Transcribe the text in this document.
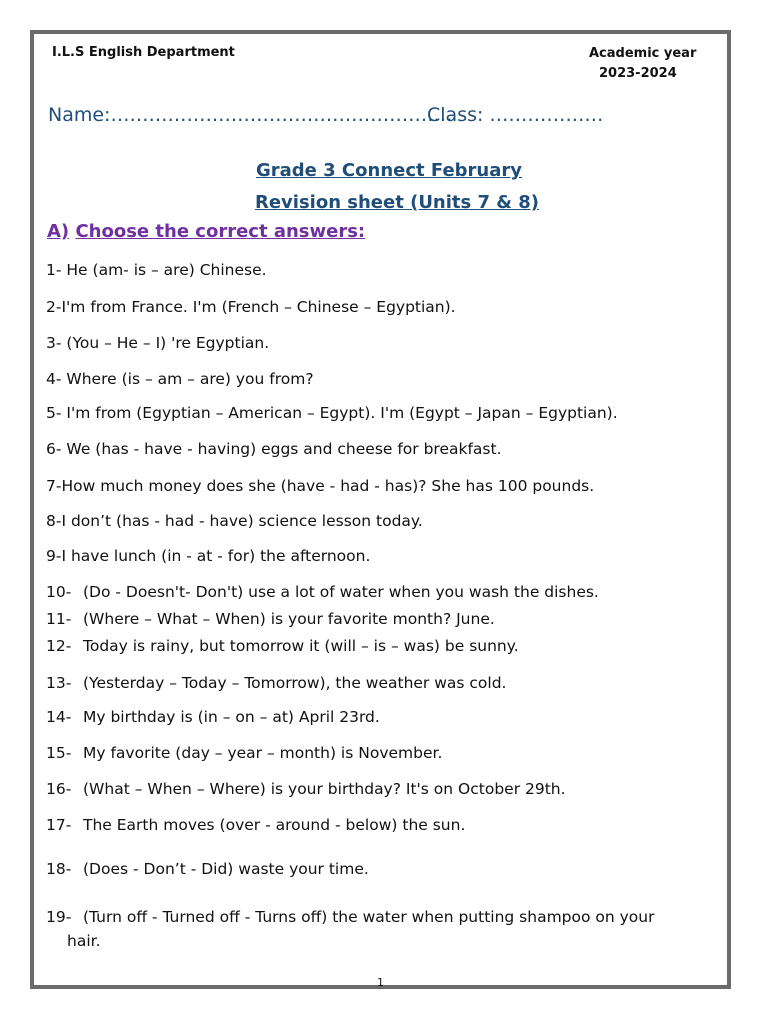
I.L.S English Department	Academic year
2023-2024
Name:………………………………………………
Class: ………………
Grade 3 Connect February
Revision sheet (Units 7 & 8)
A) Choose the correct answers:
1- He (am- is – are) Chinese.
2-I'm from France. I'm (French – Chinese – Egyptian).
3- (You – He – I) 're Egyptian.
4- Where (is – am – are) you from?
5- I'm from (Egyptian – American – Egypt). I'm (Egypt – Japan – Egyptian).
6- We (has - have - having) eggs and cheese for breakfast.
7-How much money does she (have - had - has)? She has 100 pounds.
8-I don’t (has - had - have) science lesson today.
9-I have lunch (in - at - for) the afternoon.
10- (Do - Doesn't- Don't) use a lot of water when you wash the dishes.
11- (Where – What – When) is your favorite month? June.
12- Today is rainy, but tomorrow it (will – is – was) be sunny.
13- (Yesterday – Today – Tomorrow), the weather was cold.
14- My birthday is (in – on – at) April 23rd.
15- My favorite (day – year – month) is November.
16- (What – When – Where) is your birthday? It's on October 29th.
17- The Earth moves (over - around - below) the sun.
18- (Does - Don’t - Did) waste your time.
19- (Turn off - Turned off - Turns off) the water when putting shampoo on your
hair.
1
